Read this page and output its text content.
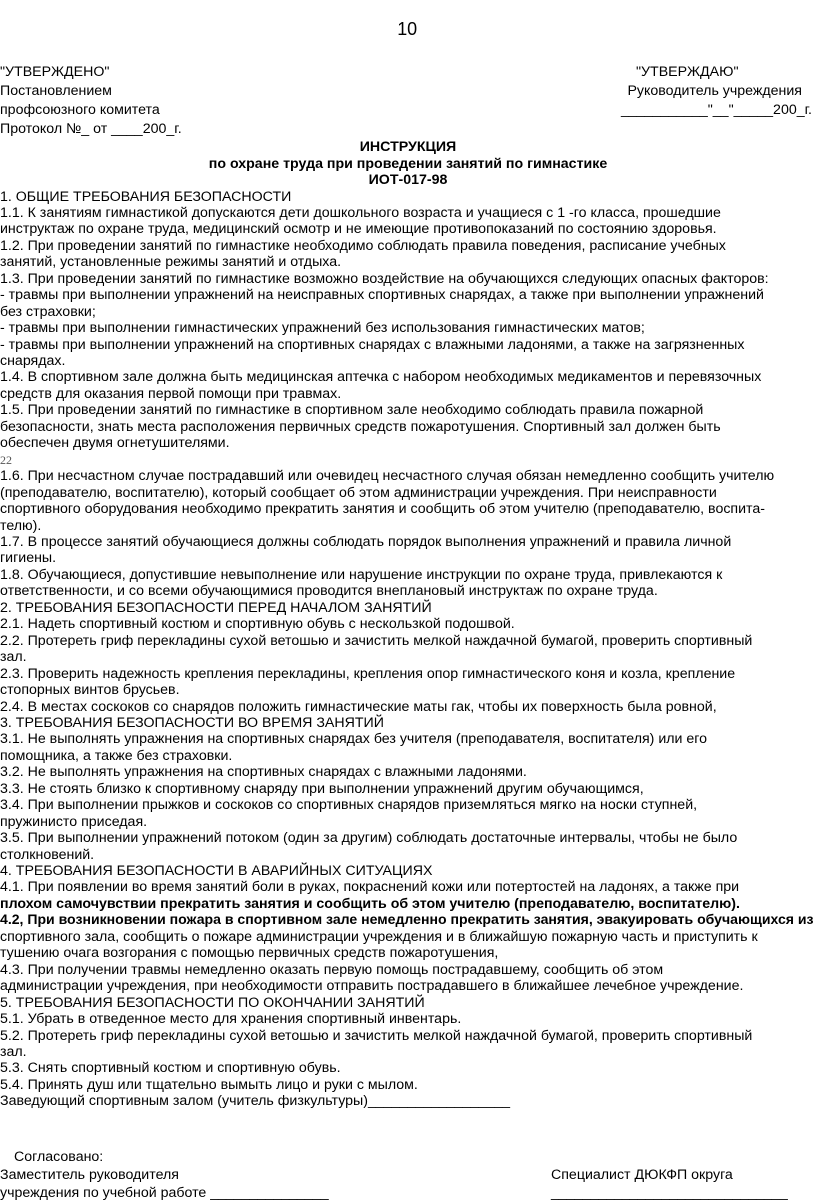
10
"УТВЕРЖДЕНО"
Постановлением
профсоюзного комитета
Протокол №_ от ____200_г.
"УТВЕРЖДАЮ"
Руководитель учреждения
___________"__"_____200_г.
ИНСТРУКЦИЯ
по охране труда при проведении занятий по гимнастике
ИОТ-017-98
1. ОБЩИЕ ТРЕБОВАНИЯ БЕЗОПАСНОСТИ
1.1. К занятиям гимнастикой допускаются дети дошкольного возраста и учащиеся с 1 -го класса, прошедшие
инструктаж по охране труда, медицинский осмотр и не имеющие противопоказаний по состоянию здоровья.
1.2. При проведении занятий по гимнастике необходимо соблюдать правила поведения, расписание учебных
занятий, установленные режимы занятий и отдыха.
1.3. При проведении занятий по гимнастике возможно воздействие на обучающихся следующих опасных факторов:
- травмы при выполнении упражнений на неисправных спортивных снарядах, а также при выполнении упражнений
без страховки;
- травмы при выполнении гимнастических упражнений без использования гимнастических матов;
- травмы при выполнении упражнений на спортивных снарядах с влажными ладонями, а также на загрязненных
снарядах.
1.4. В спортивном зале должна быть медицинская аптечка с набором необходимых медикаментов и перевязочных
средств для оказания первой помощи при травмах.
1.5. При проведении занятий по гимнастике в спортивном зале необходимо соблюдать правила пожарной
безопасности, знать места расположения первичных средств пожаротушения. Спортивный зал должен быть
обеспечен двумя огнетушителями.
22
1.6. При несчастном случае пострадавший или очевидец несчастного случая обязан немедленно сообщить учителю
(преподавателю, воспитателю), который сообщает об этом администрации учреждения. При неисправности
спортивного оборудования необходимо прекратить занятия и сообщить об этом учителю (преподавателю, воспита-
телю).
1.7. В процессе занятий обучающиеся должны соблюдать порядок выполнения упражнений и правила личной
гигиены.
1.8. Обучающиеся, допустившие невыполнение или нарушение инструкции по охране труда, привлекаются к
ответственности, и со всеми обучающимися проводится внеплановый инструктаж по охране труда.
2. ТРЕБОВАНИЯ БЕЗОПАСНОСТИ ПЕРЕД НАЧАЛОМ ЗАНЯТИЙ
2.1. Надеть спортивный костюм и спортивную обувь с нескользкой подошвой.
2.2. Протереть гриф перекладины сухой ветошью и зачистить мелкой наждачной бумагой, проверить спортивный
зал.
2.3. Проверить надежность крепления перекладины, крепления опор гимнастического коня и козла, крепление
стопорных винтов брусьев.
2.4. В местах соскоков со снарядов положить гимнастические маты гак, чтобы их поверхность была ровной,
3. ТРЕБОВАНИЯ БЕЗОПАСНОСТИ ВО ВРЕМЯ ЗАНЯТИЙ
3.1. Не выполнять упражнения на спортивных снарядах без учителя (преподавателя, воспитателя) или его
помощника, а также без страховки.
3.2. Не выполнять упражнения на спортивных снарядах с влажными ладонями.
3.3. Не стоять близко к спортивному снаряду при выполнении упражнений другим обучающимся,
3.4. При выполнении прыжков и соскоков со спортивных снарядов приземляться мягко на носки ступней,
пружинисто приседая.
3.5. При выполнении упражнений потоком (один за другим) соблюдать достаточные интервалы, чтобы не было
столкновений.
4. ТРЕБОВАНИЯ БЕЗОПАСНОСТИ В АВАРИЙНЫХ СИТУАЦИЯХ
4.1. При появлении во время занятий боли в руках, покраснений кожи или потертостей на ладонях, а также при
плохом самочувствии прекратить занятия и сообщить об этом учителю (преподавателю, воспитателю).
4.2, При возникновении пожара в спортивном зале немедленно прекратить занятия, эвакуировать обучающихся из
спортивного зала, сообщить о пожаре администрации учреждения и в ближайшую пожарную часть и приступить к
тушению очага возгорания с помощью первичных средств пожаротушения,
4.3. При получении травмы немедленно оказать первую помощь пострадавшему, сообщить об этом
администрации учреждения, при необходимости отправить пострадавшего в ближайшее лечебное учреждение.
5. ТРЕБОВАНИЯ БЕЗОПАСНОСТИ ПО ОКОНЧАНИИ ЗАНЯТИЙ
5.1. Убрать в отведенное место для хранения спортивный инвентарь.
5.2. Протереть гриф перекладины сухой ветошью и зачистить мелкой наждачной бумагой, проверить спортивный
зал.
5.3. Снять спортивный костюм и спортивную обувь.
5.4. Принять душ или тщательно вымыть лицо и руки с мылом.
Заведующий спортивным залом (учитель физкультуры)__________________
Согласовано:
Заместитель руководителя
учреждения по учебной работе _______________
Специалист ДЮКФП округа
______________________________
